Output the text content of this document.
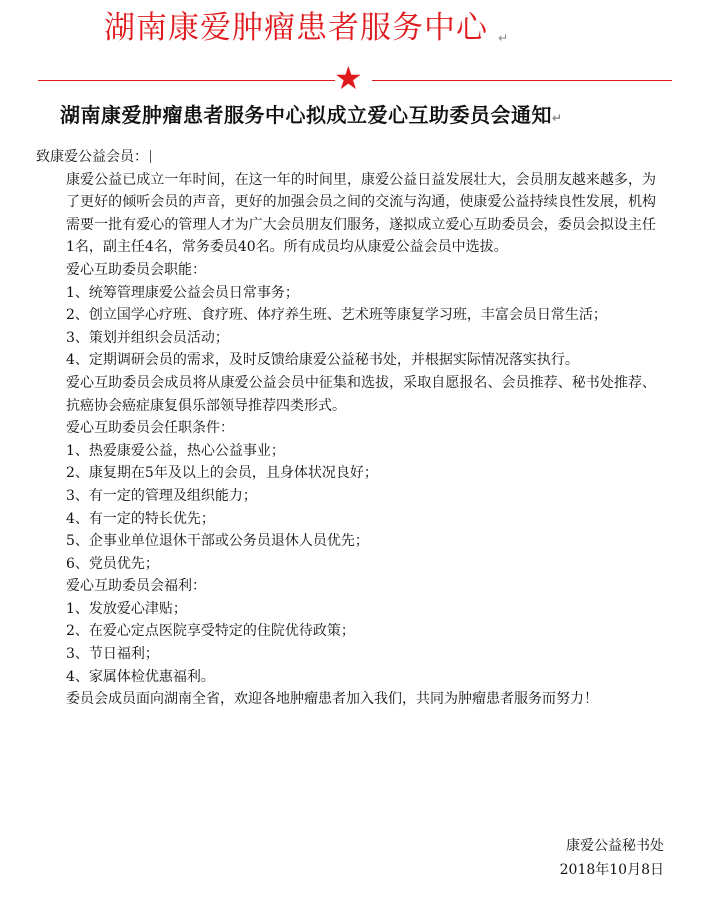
湖南康爱肿瘤患者服务中心 ↵
★
湖南康爱肿瘤患者服务中心拟成立爱心互助委员会通知↵
致康爱公益会员：
康爱公益已成立一年时间，在这一年的时间里，康爱公益日益发展壮大，会员朋友越来越多，为了更好的倾听会员的声音，更好的加强会员之间的交流与沟通，使康爱公益持续良性发展，机构需要一批有爱心的管理人才为广大会员朋友们服务，遂拟成立爱心互助委员会，委员会拟设主任1名，副主任4名，常务委员40名。所有成员均从康爱公益会员中选拔。
爱心互助委员会职能：
1、统筹管理康爱公益会员日常事务；
2、创立国学心疗班、食疗班、体疗养生班、艺术班等康复学习班，丰富会员日常生活；
3、策划并组织会员活动；
4、定期调研会员的需求，及时反馈给康爱公益秘书处，并根据实际情况落实执行。
爱心互助委员会成员将从康爱公益会员中征集和选拔，采取自愿报名、会员推荐、秘书处推荐、抗癌协会癌症康复俱乐部领导推荐四类形式。
爱心互助委员会任职条件：
1、热爱康爱公益，热心公益事业；
2、康复期在5年及以上的会员，且身体状况良好；
3、有一定的管理及组织能力；
4、有一定的特长优先；
5、企事业单位退休干部或公务员退休人员优先；
6、党员优先；
爱心互助委员会福利：
1、发放爱心津贴；
2、在爱心定点医院享受特定的住院优待政策；
3、节日福利；
4、家属体检优惠福利。
委员会成员面向湖南全省，欢迎各地肿瘤患者加入我们，共同为肿瘤患者服务而努力！
康爱公益秘书处
2018年10月8日
